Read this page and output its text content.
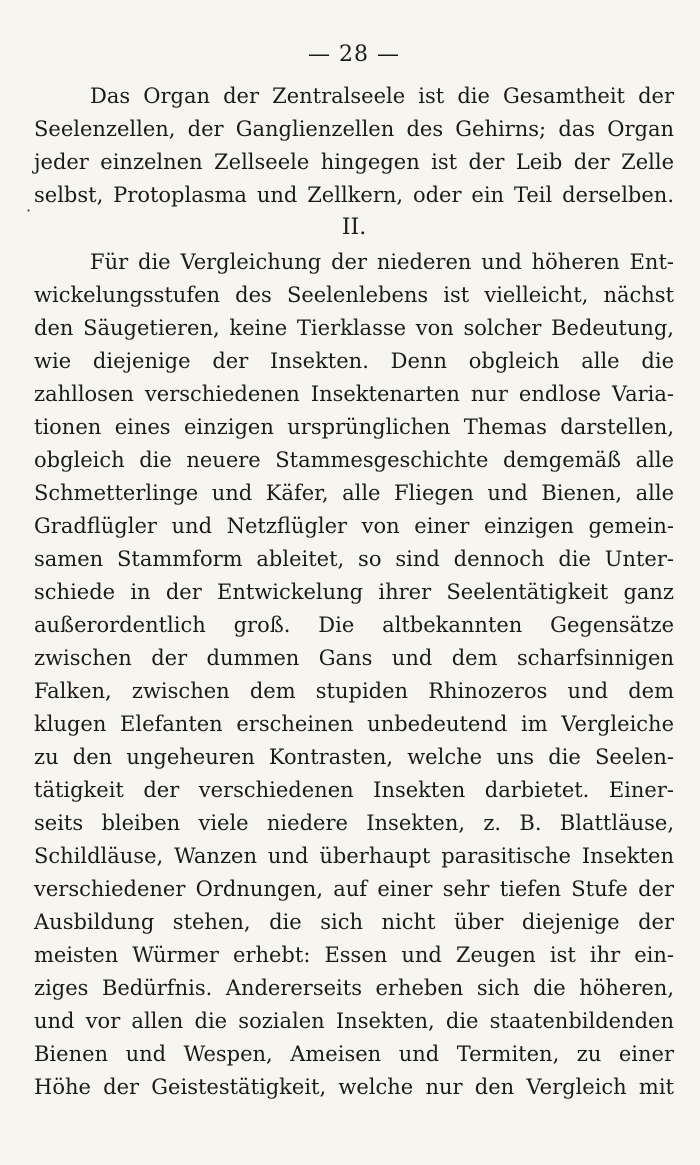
·
— 28 —
Das Organ der Zentralseele ist die Gesamtheit der
Seelenzellen, der Ganglienzellen des Gehirns; das Organ
jeder einzelnen Zellseele hingegen ist der Leib der Zelle
selbst, Protoplasma und Zellkern, oder ein Teil derselben.
II.
Für die Vergleichung der niederen und höheren Ent-
wickelungsstufen des Seelenlebens ist vielleicht, nächst
den Säugetieren, keine Tierklasse von solcher Bedeutung,
wie diejenige der Insekten. Denn obgleich alle die
zahllosen verschiedenen Insektenarten nur endlose Varia-
tionen eines einzigen ursprünglichen Themas darstellen,
obgleich die neuere Stammesgeschichte demgemäß alle
Schmetterlinge und Käfer, alle Fliegen und Bienen, alle
Gradflügler und Netzflügler von einer einzigen gemein-
samen Stammform ableitet, so sind dennoch die Unter-
schiede in der Entwickelung ihrer Seelentätigkeit ganz
außerordentlich groß. Die altbekannten Gegensätze
zwischen der dummen Gans und dem scharfsinnigen
Falken, zwischen dem stupiden Rhinozeros und dem
klugen Elefanten erscheinen unbedeutend im Vergleiche
zu den ungeheuren Kontrasten, welche uns die Seelen-
tätigkeit der verschiedenen Insekten darbietet. Einer-
seits bleiben viele niedere Insekten, z. B. Blattläuse,
Schildläuse, Wanzen und überhaupt parasitische Insekten
verschiedener Ordnungen, auf einer sehr tiefen Stufe der
Ausbildung stehen, die sich nicht über diejenige der
meisten Würmer erhebt: Essen und Zeugen ist ihr ein-
ziges Bedürfnis. Andererseits erheben sich die höheren,
und vor allen die sozialen Insekten, die staatenbildenden
Bienen und Wespen, Ameisen und Termiten, zu einer
Höhe der Geistestätigkeit, welche nur den Vergleich mit
